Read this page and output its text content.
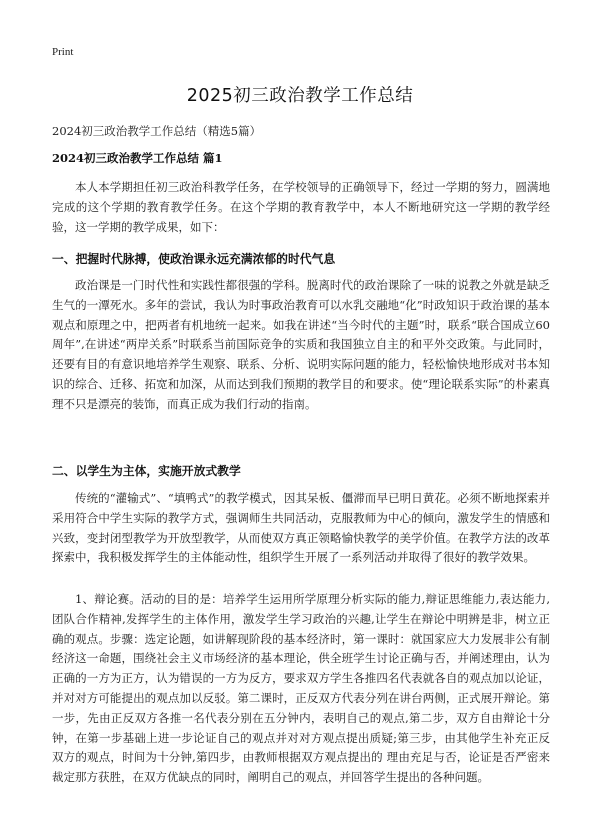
Print
2025初三政治教学工作总结
2024初三政治教学工作总结（精选5篇）
2024初三政治教学工作总结 篇1
本人本学期担任初三政治科教学任务，在学校领导的正确领导下，经过一学期的努力，圆满地完成的这个学期的教育教学任务。在这个学期的教育教学中，本人不断地研究这一学期的教学经验，这一学期的教学成果，如下：
一、把握时代脉搏，使政治课永远充满浓郁的时代气息
政治课是一门时代性和实践性都很强的学科。脱离时代的政治课除了一味的说教之外就是缺乏生气的一潭死水。多年的尝试，我认为时事政治教育可以水乳交融地“化”时政知识于政治课的基本观点和原理之中，把两者有机地统一起来。如我在讲述“当今时代的主题”时，联系“联合国成立60周年”,在讲述“两岸关系”时联系当前国际竞争的实质和我国独立自主的和平外交政策。与此同时，还要有目的有意识地培养学生观察、联系、分析、说明实际问题的能力，轻松愉快地形成对书本知识的综合、迁移、拓宽和加深，从而达到我们预期的教学目的和要求。使“理论联系实际”的朴素真理不只是漂亮的装饰，而真正成为我们行动的指南。
二、以学生为主体，实施开放式教学
传统的“灌输式”、“填鸭式”的教学模式，因其呆板、僵滞而早已明日黄花。必须不断地探索并采用符合中学生实际的教学方式，强调师生共同活动，克服教师为中心的倾向，激发学生的情感和兴致，变封闭型教学为开放型教学，从而使双方真正领略愉快教学的美学价值。在教学方法的改革探索中，我积极发挥学生的主体能动性，组织学生开展了一系列活动并取得了很好的教学效果。
1、辩论赛。活动的目的是：培养学生运用所学原理分析实际的能力,辩证思维能力,表达能力,团队合作精神,发挥学生的主体作用，激发学生学习政治的兴趣,让学生在辩论中明辨是非，树立正确的观点。步骤：选定论题，如讲解现阶段的基本经济时，第一课时：就国家应大力发展非公有制经济这一命题，围绕社会主义市场经济的基本理论，供全班学生讨论正确与否，并阐述理由，认为正确的一方为正方，认为错误的一方为反方，要求双方学生各推四名代表就各自的观点加以论证，并对对方可能提出的观点加以反驳。第二课时，正反双方代表分列在讲台两侧，正式展开辩论。第一步，先由正反双方各推一名代表分别在五分钟内，表明自己的观点,第二步，双方自由辩论十分钟，在第一步基础上进一步论证自己的观点并对对方观点提出质疑;第三步，由其他学生补充正反双方的观点，时间为十分钟,第四步，由教师根据双方观点提出的 理由充足与否，论证是否严密来裁定那方获胜，在双方优缺点的同时，阐明自己的观点，并回答学生提出的各种问题。
